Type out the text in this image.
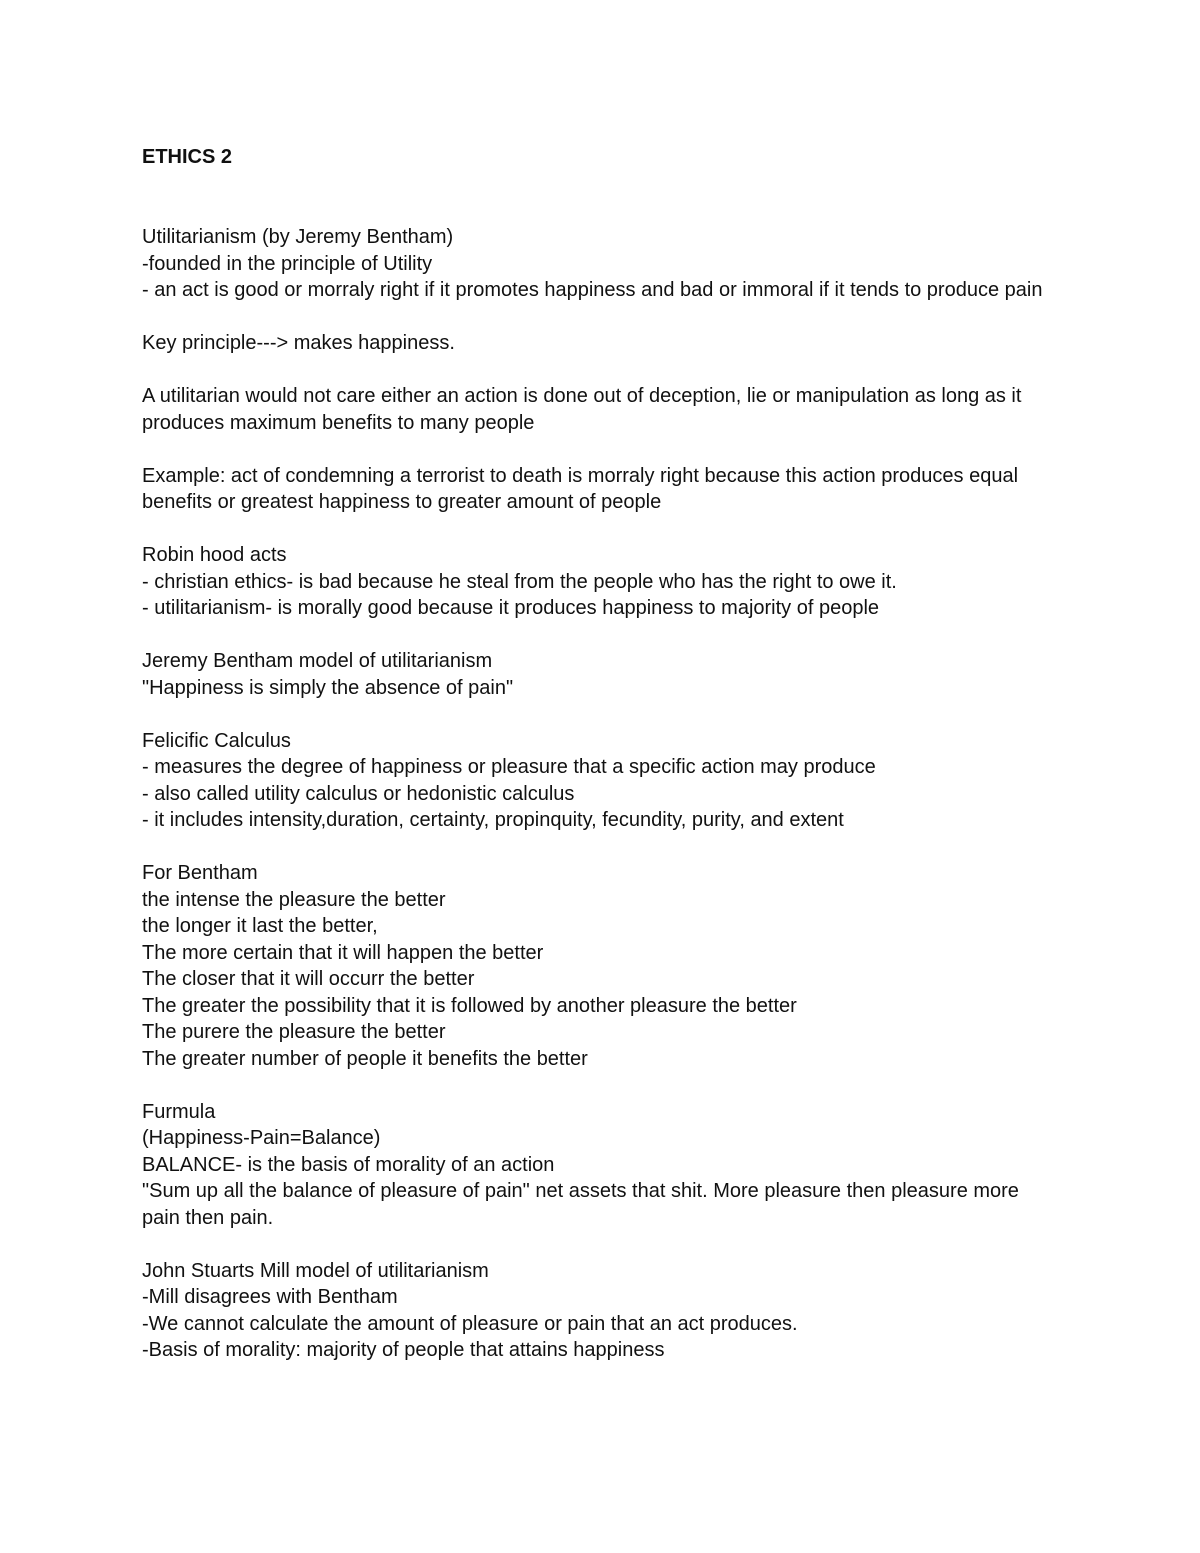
ETHICS 2

Utilitarianism (by Jeremy Bentham)

-founded in the principle of Utility

- an act is good or morraly right if it promotes happiness and bad or immoral if it tends to produce pain

Key principle---> makes happiness.

A utilitarian would not care either an action is done out of deception, lie or manipulation as long as it produces maximum benefits to many people

Example: act of condemning a terrorist to death is morraly right because this action produces equal benefits or greatest happiness to greater amount of people

Robin hood acts

- christian ethics- is bad because he steal from the people who has the right to owe it.

- utilitarianism- is morally good because it produces happiness to majority of people

Jeremy Bentham model of utilitarianism

"Happiness is simply the absence of pain"

Felicific Calculus

- measures the degree of happiness or pleasure that a specific action may produce

- also called utility calculus or hedonistic calculus

- it includes intensity,duration, certainty, propinquity, fecundity, purity, and extent

For Bentham

the intense the pleasure the better

the longer it last the better,

The more certain that it will happen the better

The closer that it will occurr the better

The greater the possibility that it is followed by another pleasure the better

The purere the pleasure the better

The greater number of people it benefits the better

Furmula

(Happiness-Pain=Balance)

BALANCE- is the basis of morality of an action

"Sum up all the balance of pleasure of pain" net assets that shit. More pleasure then pleasure more pain then pain.

John Stuarts Mill model of utilitarianism

-Mill disagrees with Bentham

-We cannot calculate the amount of pleasure or pain that an act produces.

-Basis of morality: majority of people that attains happiness
